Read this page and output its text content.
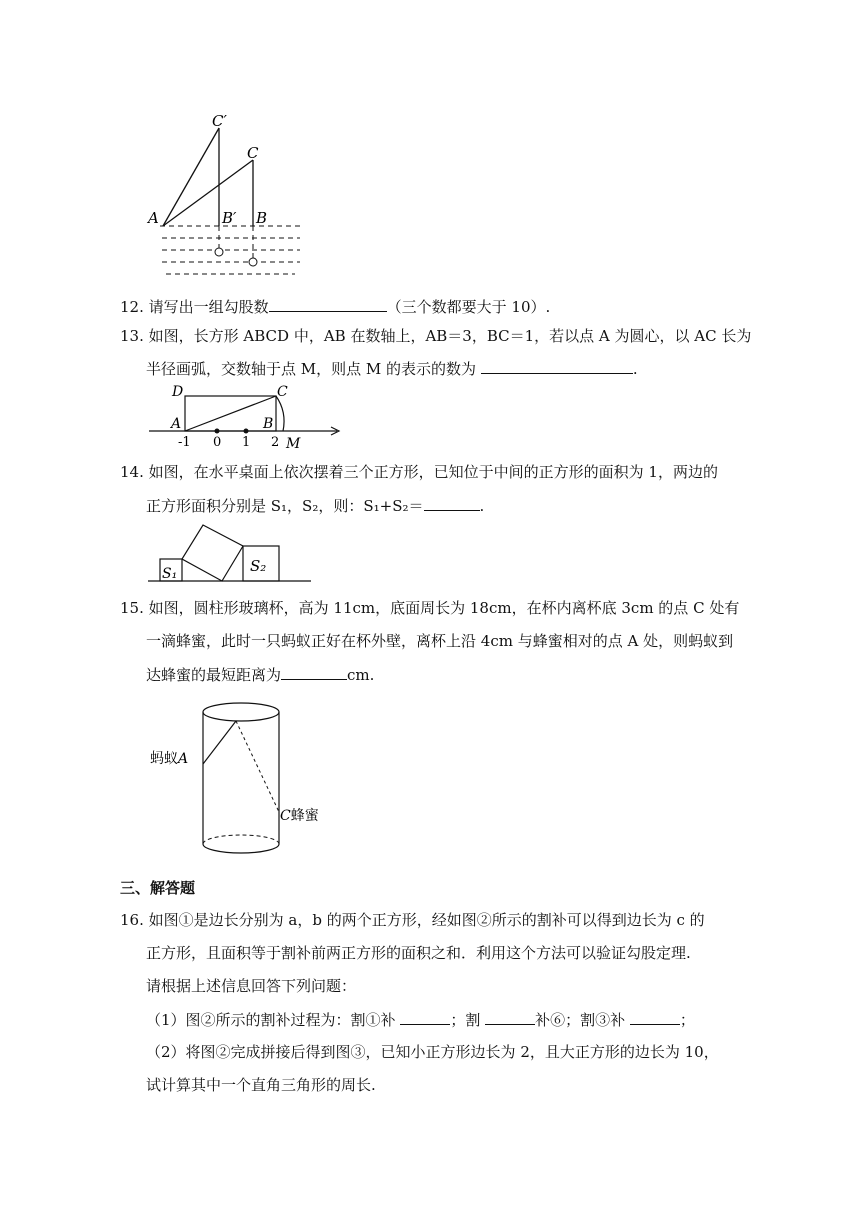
C′
C
A	B′ B
12. 请写出一组勾股数	（三个数都要大于 10）.
13. 如图，长方形 ABCD 中，AB 在数轴上，AB＝3，BC＝1，若以点 A 为圆心，以 AC 长为
半径画弧，交数轴于点 M，则点 M 的表示的数为	.
D	C
A	B
M
-1 0 1 2
14. 如图，在水平桌面上依次摆着三个正方形，已知位于中间的正方形的面积为 1，两边的
正方形面积分别是 S₁，S₂，则：S₁+S₂＝	.
S₁	S₂
15. 如图，圆柱形玻璃杯，高为 11cm，底面周长为 18cm，在杯内离杯底 3cm 的点 C 处有
一滴蜂蜜，此时一只蚂蚁正好在杯外壁，离杯上沿 4cm 与蜂蜜相对的点 A 处，则蚂蚁到
达蜂蜜的最短距离为	cm.
蚂蚁A
C蜂蜜
三、解答题
16. 如图①是边长分别为 a，b 的两个正方形，经如图②所示的割补可以得到边长为 c 的
正方形，且面积等于割补前两正方形的面积之和．利用这个方法可以验证勾股定理.
请根据上述信息回答下列问题：
（1）图②所示的割补过程为：割①补	；割	补⑥；割③补	；
（2）将图②完成拼接后得到图③，已知小正方形边长为 2，且大正方形的边长为 10，
试计算其中一个直角三角形的周长.
